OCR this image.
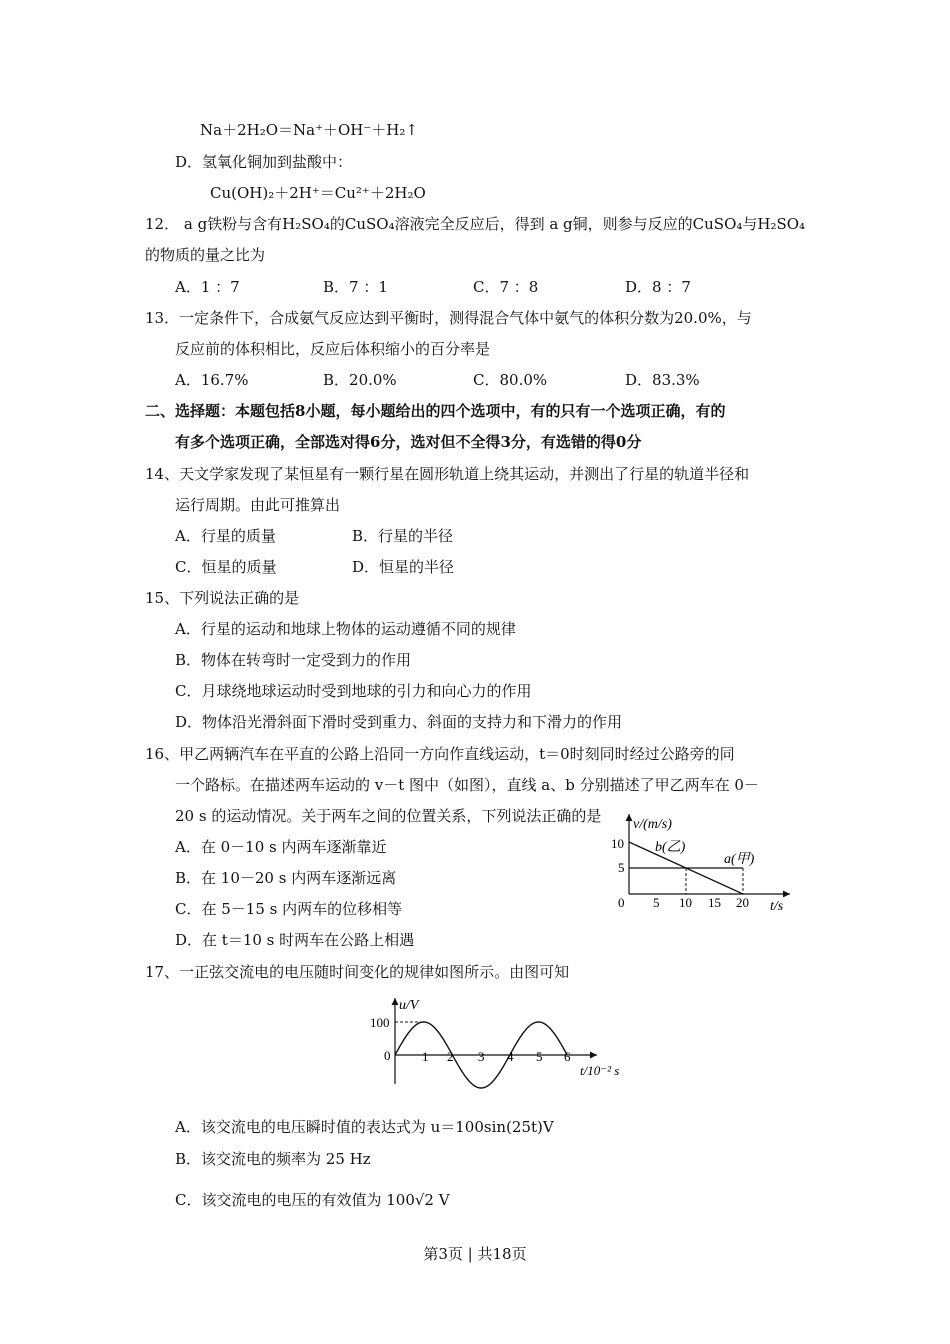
Na＋2H₂O＝Na⁺＋OH⁻＋H₂↑
D．氢氧化铜加到盐酸中：
Cu(OH)₂＋2H⁺＝Cu²⁺＋2H₂O
12． a g铁粉与含有H₂SO₄的CuSO₄溶液完全反应后，得到 a g铜，则参与反应的CuSO₄与H₂SO₄
的物质的量之比为
A．1 ：7	B．7 ：1	C．7 ：8	D．8 ：7
13．一定条件下，合成氨气反应达到平衡时，测得混合气体中氨气的体积分数为20.0%，与
反应前的体积相比，反应后体积缩小的百分率是
A．16.7%	B．20.0%	C．80.0%	D．83.3%
二、选择题：本题包括8小题，每小题给出的四个选项中，有的只有一个选项正确，有的
有多个选项正确，全部选对得6分，选对但不全得3分，有选错的得0分
14、天文学家发现了某恒星有一颗行星在圆形轨道上绕其运动，并测出了行星的轨道半径和
运行周期。由此可推算出
A．行星的质量	B．行星的半径
C．恒星的质量	D．恒星的半径
15、下列说法正确的是
A．行星的运动和地球上物体的运动遵循不同的规律
B．物体在转弯时一定受到力的作用
C．月球绕地球运动时受到地球的引力和向心力的作用
D．物体沿光滑斜面下滑时受到重力、斜面的支持力和下滑力的作用
16、甲乙两辆汽车在平直的公路上沿同一方向作直线运动，t＝0时刻同时经过公路旁的同
一个路标。在描述两车运动的 v－t 图中（如图），直线 a、b 分别描述了甲乙两车在 0－
20 s 的运动情况。关于两车之间的位置关系，下列说法正确的是
A．在 0－10 s 内两车逐渐靠近
B．在 10－20 s 内两车逐渐远离
C．在 5－15 s 内两车的位移相等
D．在 t＝10 s 时两车在公路上相遇
v/(m/s)
t/s
0
10
5
5 10 15 20
b(乙)
a(甲)
17、一正弦交流电的电压随时间变化的规律如图所示。由图可知
u/V
t/10⁻² s
100
0 1 2 3 4 5 6
A．该交流电的电压瞬时值的表达式为 u＝100sin(25t)V
B．该交流电的频率为 25 Hz
C．该交流电的电压的有效值为 100√2 V
第3页 | 共18页
